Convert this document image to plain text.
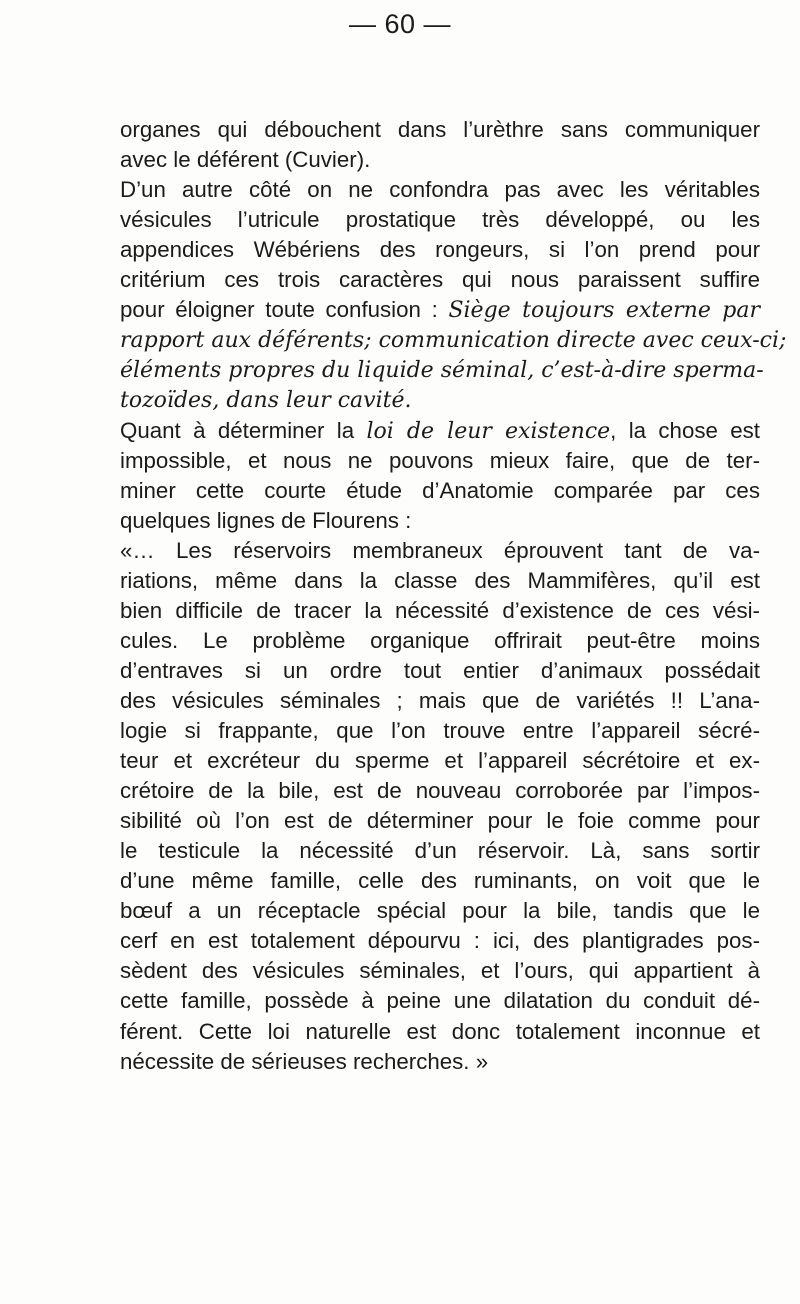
— 60 —
organes qui débouchent dans l’urèthre sans communiquer
avec le déférent (Cuvier).
D’un autre côté on ne confondra pas avec les véritables
vésicules l’utricule prostatique très développé, ou les
appendices Wébériens des rongeurs, si l’on prend pour
critérium ces trois caractères qui nous paraissent suffire
pour éloigner toute confusion : Siège toujours externe par
rapport aux déférents; communication directe avec ceux-ci;
éléments propres du liquide séminal, c’est-à-dire sperma-
tozoïdes, dans leur cavité.
Quant à déterminer la loi de leur existence, la chose est
impossible, et nous ne pouvons mieux faire, que de ter-
miner cette courte étude d’Anatomie comparée par ces
quelques lignes de Flourens :
«… Les réservoirs membraneux éprouvent tant de va-
riations, même dans la classe des Mammifères, qu’il est
bien difficile de tracer la nécessité d’existence de ces vési-
cules. Le problème organique offrirait peut-être moins
d’entraves si un ordre tout entier d’animaux possédait
des vésicules séminales ; mais que de variétés !! L’ana-
logie si frappante, que l’on trouve entre l’appareil sécré-
teur et excréteur du sperme et l’appareil sécrétoire et ex-
crétoire de la bile, est de nouveau corroborée par l’impos-
sibilité où l’on est de déterminer pour le foie comme pour
le testicule la nécessité d’un réservoir. Là, sans sortir
d’une même famille, celle des ruminants, on voit que le
bœuf a un réceptacle spécial pour la bile, tandis que le
cerf en est totalement dépourvu : ici, des plantigrades pos-
sèdent des vésicules séminales, et l’ours, qui appartient à
cette famille, possède à peine une dilatation du conduit dé-
férent. Cette loi naturelle est donc totalement inconnue et
nécessite de sérieuses recherches. »
